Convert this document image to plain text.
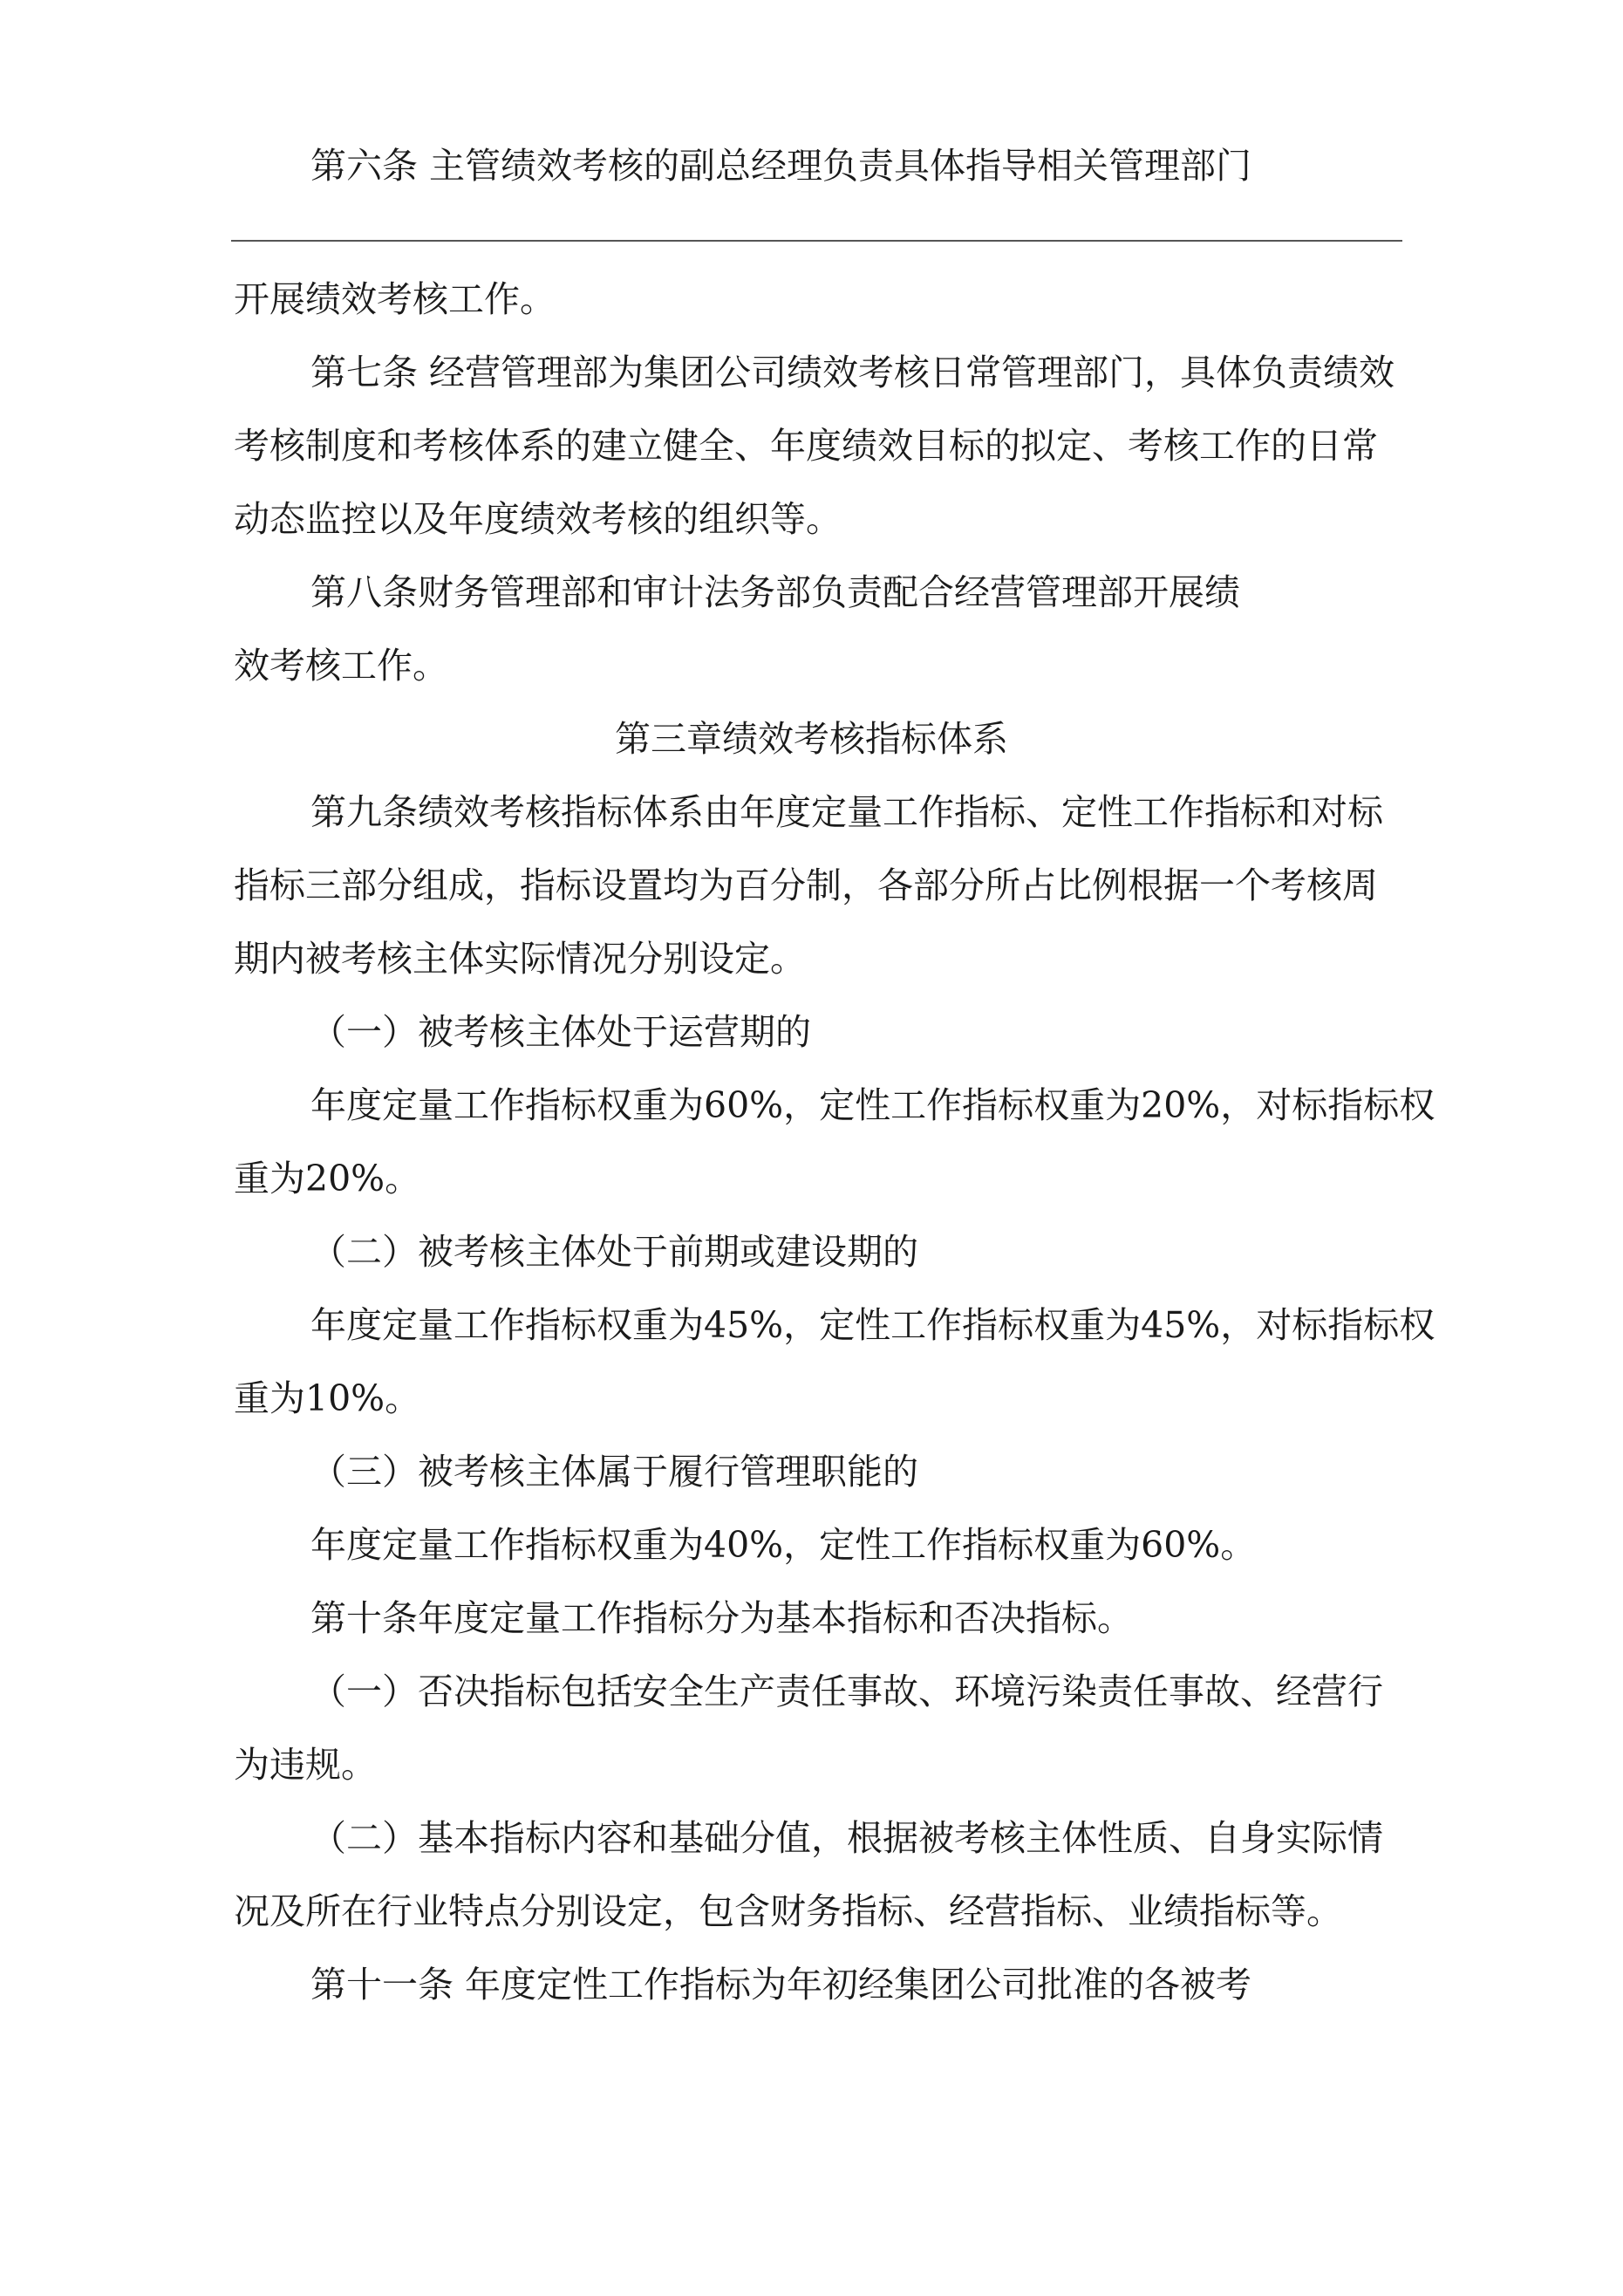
第六条 主管绩效考核的副总经理负责具体指导相关管理部门
开展绩效考核工作。
第七条 经营管理部为集团公司绩效考核日常管理部门，具体负责绩效
考核制度和考核体系的建立健全、年度绩效目标的拟定、考核工作的日常
动态监控以及年度绩效考核的组织等。
第八条财务管理部和审计法务部负责配合经营管理部开展绩
效考核工作。
第三章绩效考核指标体系
第九条绩效考核指标体系由年度定量工作指标、定性工作指标和对标
指标三部分组成，指标设置均为百分制，各部分所占比例根据一个考核周
期内被考核主体实际情况分别设定。
（一）被考核主体处于运营期的
年度定量工作指标权重为60%，定性工作指标权重为20%，对标指标权
重为20%。
（二）被考核主体处于前期或建设期的
年度定量工作指标权重为45%，定性工作指标权重为45%，对标指标权
重为10%。
（三）被考核主体属于履行管理职能的
年度定量工作指标权重为40%，定性工作指标权重为60%。
第十条年度定量工作指标分为基本指标和否决指标。
（一）否决指标包括安全生产责任事故、环境污染责任事故、经营行
为违规。
（二）基本指标内容和基础分值，根据被考核主体性质、自身实际情
况及所在行业特点分别设定，包含财务指标、经营指标、业绩指标等。
第十一条 年度定性工作指标为年初经集团公司批准的各被考
